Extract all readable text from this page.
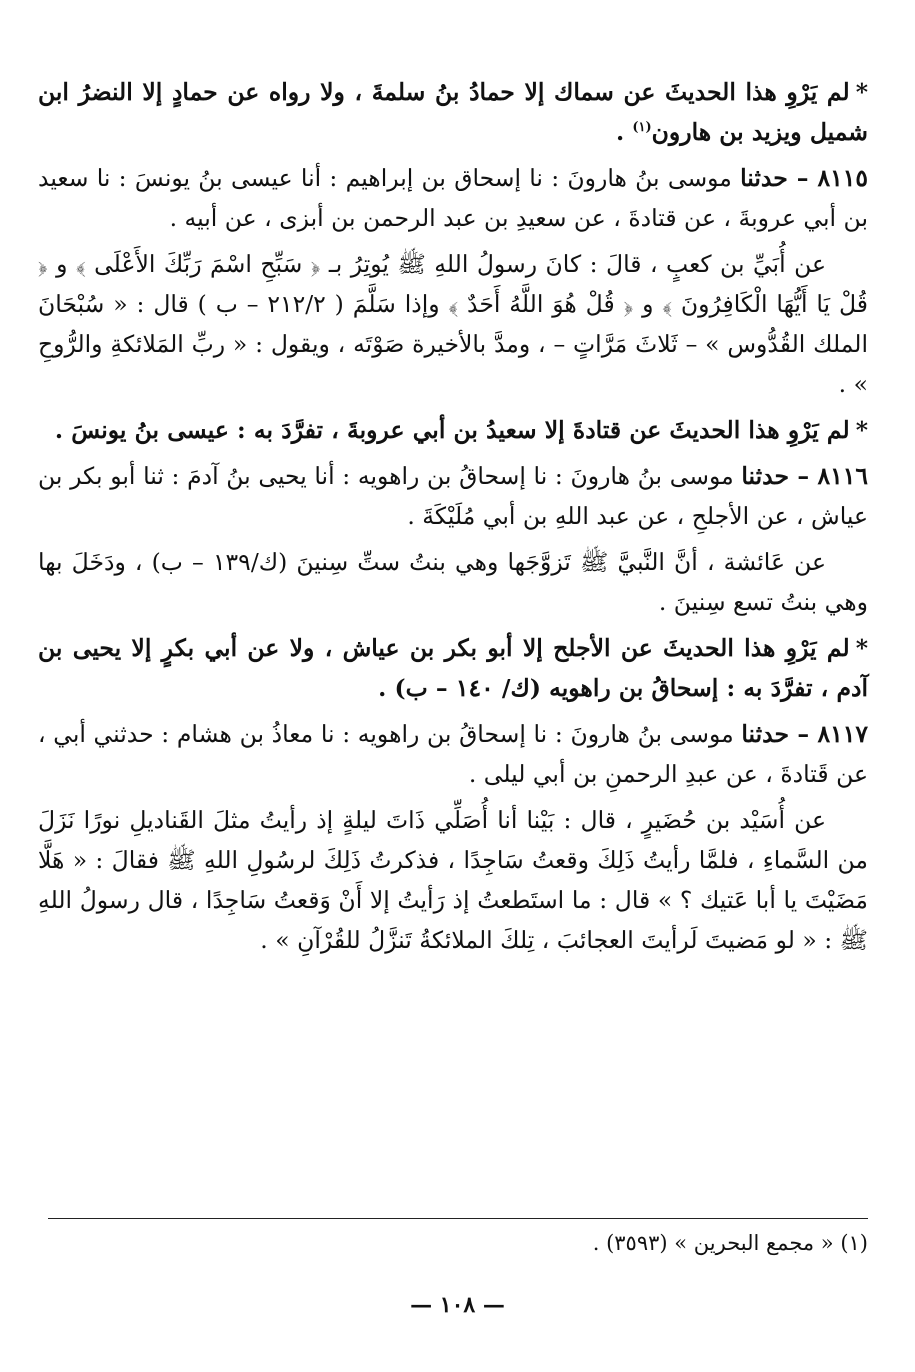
*لم يَرْوِ هذا الحديثَ عن سماك إلا حمادُ بنُ سلمةَ ، ولا رواه عن حمادٍ إلا النضرُ ابن شميل ويزيد بن هارون$^{(١)}$ .

٨١١٥ – حدثنا موسى بنُ هارونَ : نا إسحاق بن إبراهيم : أنا عيسى بنُ يونسَ : نا سعيد بن أبي عروبةَ ، عن قتادةَ ، عن سعيدِ بن عبد الرحمن بن أبزى ، عن أبيه .

عن أُبَيِّ بن كعبٍ ، قالَ : كانَ رسولُ اللهِ ﷺ يُوتِرُ بـ ﴿ سَبِّحِ اسْمَ رَبِّكَ الأَعْلَى ﴾ و ﴿ قُلْ يَا أَيُّهَا الْكَافِرُونَ ﴾ و ﴿ قُلْ هُوَ اللَّهُ أَحَدٌ ﴾ وإذا سَلَّمَ ( ٢١٢/٢ – ب ) قال : « سُبْحَانَ الملك القُدُّوس » – ثَلاثَ مَرَّاتٍ – ، ومدَّ بالأخيرة صَوْتَه ، ويقول : « ربِّ المَلائكةِ والرُّوحِ » .

*لم يَرْوِ هذا الحديثَ عن قتادةَ إلا سعيدُ بن أبي عروبةَ ، تفرَّدَ به : عيسى بنُ يونسَ .

٨١١٦ – حدثنا موسى بنُ هارونَ : نا إسحاقُ بن راهويه : أنا يحيى بنُ آدمَ : ثنا أبو بكر بن عياش ، عن الأجلحِ ، عن عبد اللهِ بن أبي مُلَيْكَةَ .

عن عَائشة ، أنَّ النَّبيَّ ﷺ تَزوَّجَها وهي بنتُ ستِّ سِنينَ (ك/١٣٩ – ب) ، ودَخَلَ بها وهي بنتُ تسع سِنينَ .

*لم يَرْوِ هذا الحديثَ عن الأجلح إلا أبو بكر بن عياش ، ولا عن أبي بكرٍ إلا يحيى بن آدم ، تفرَّدَ به : إسحاقُ بن راهويه (ك/ ١٤٠ – ب) .

٨١١٧ – حدثنا موسى بنُ هارونَ : نا إسحاقُ بن راهويه : نا معاذُ بن هشام : حدثني أبي ، عن قَتادةَ ، عن عبدِ الرحمنِ بن أبي ليلى .

عن أُسَيْد بن حُضَيرٍ ، قال : بَيْنا أنا أُصَلِّي ذَاتَ ليلةٍ إذ رأيتُ مثلَ القَناديلِ نورًا نَزَلَ من السَّماءِ ، فلمَّا رأيتُ ذَلِكَ وقعتُ سَاجِدًا ، فذكرتُ ذَلِكَ لرسُولِ اللهِ ﷺ فقالَ : « هَلَّا مَضَيْتَ يا أبا عَتيك ؟ » قال : ما استَطعتُ إذ رَأيتُ إلا أَنْ وَقعتُ سَاجِدًا ، قال رسولُ اللهِ ﷺ : « لو مَضيتَ لَرأيتَ العجائبَ ، تِلكَ الملائكةُ تَنزَّلُ للقُرْآنِ » .

(١) « مجمع البحرين » (٣٥٩٣) .
— ١٠٨ —
